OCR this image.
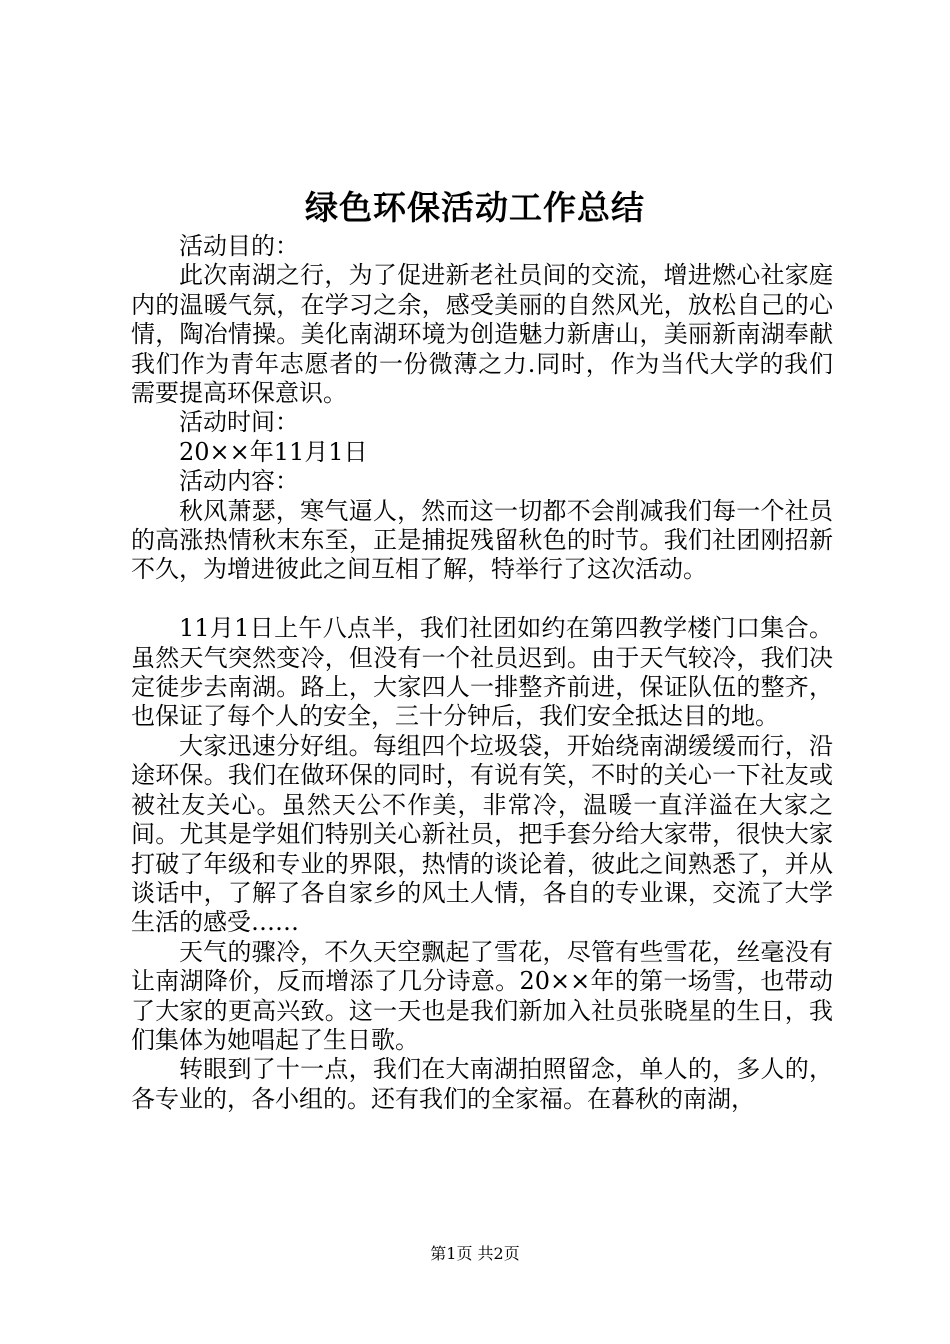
绿色环保活动工作总结

活动目的：

此次南湖之行，为了促进新老社员间的交流，增进燃心社家庭内的温暖气氛，在学习之余，感受美丽的自然风光，放松自己的心情，陶冶情操。美化南湖环境为创造魅力新唐山，美丽新南湖奉献我们作为青年志愿者的一份微薄之力.同时，作为当代大学的我们需要提高环保意识。

活动时间：

20××年11月1日

活动内容：

秋风萧瑟，寒气逼人，然而这一切都不会削减我们每一个社员的高涨热情秋末东至，正是捕捉残留秋色的时节。我们社团刚招新不久，为增进彼此之间互相了解，特举行了这次活动。

11月1日上午八点半，我们社团如约在第四教学楼门口集合。虽然天气突然变冷，但没有一个社员迟到。由于天气较冷，我们决定徒步去南湖。路上，大家四人一排整齐前进，保证队伍的整齐，也保证了每个人的安全，三十分钟后，我们安全抵达目的地。

大家迅速分好组。每组四个垃圾袋，开始绕南湖缓缓而行，沿途环保。我们在做环保的同时，有说有笑，不时的关心一下社友或被社友关心。虽然天公不作美，非常冷，温暖一直洋溢在大家之间。尤其是学姐们特别关心新社员，把手套分给大家带，很快大家打破了年级和专业的界限，热情的谈论着，彼此之间熟悉了，并从谈话中，了解了各自家乡的风土人情，各自的专业课，交流了大学生活的感受……

天气的骤冷，不久天空飘起了雪花，尽管有些雪花，丝毫没有让南湖降价，反而增添了几分诗意。20××年的第一场雪，也带动了大家的更高兴致。这一天也是我们新加入社员张晓星的生日，我们集体为她唱起了生日歌。

转眼到了十一点，我们在大南湖拍照留念，单人的，多人的，各专业的，各小组的。还有我们的全家福。在暮秋的南湖，

第1页 共2页
